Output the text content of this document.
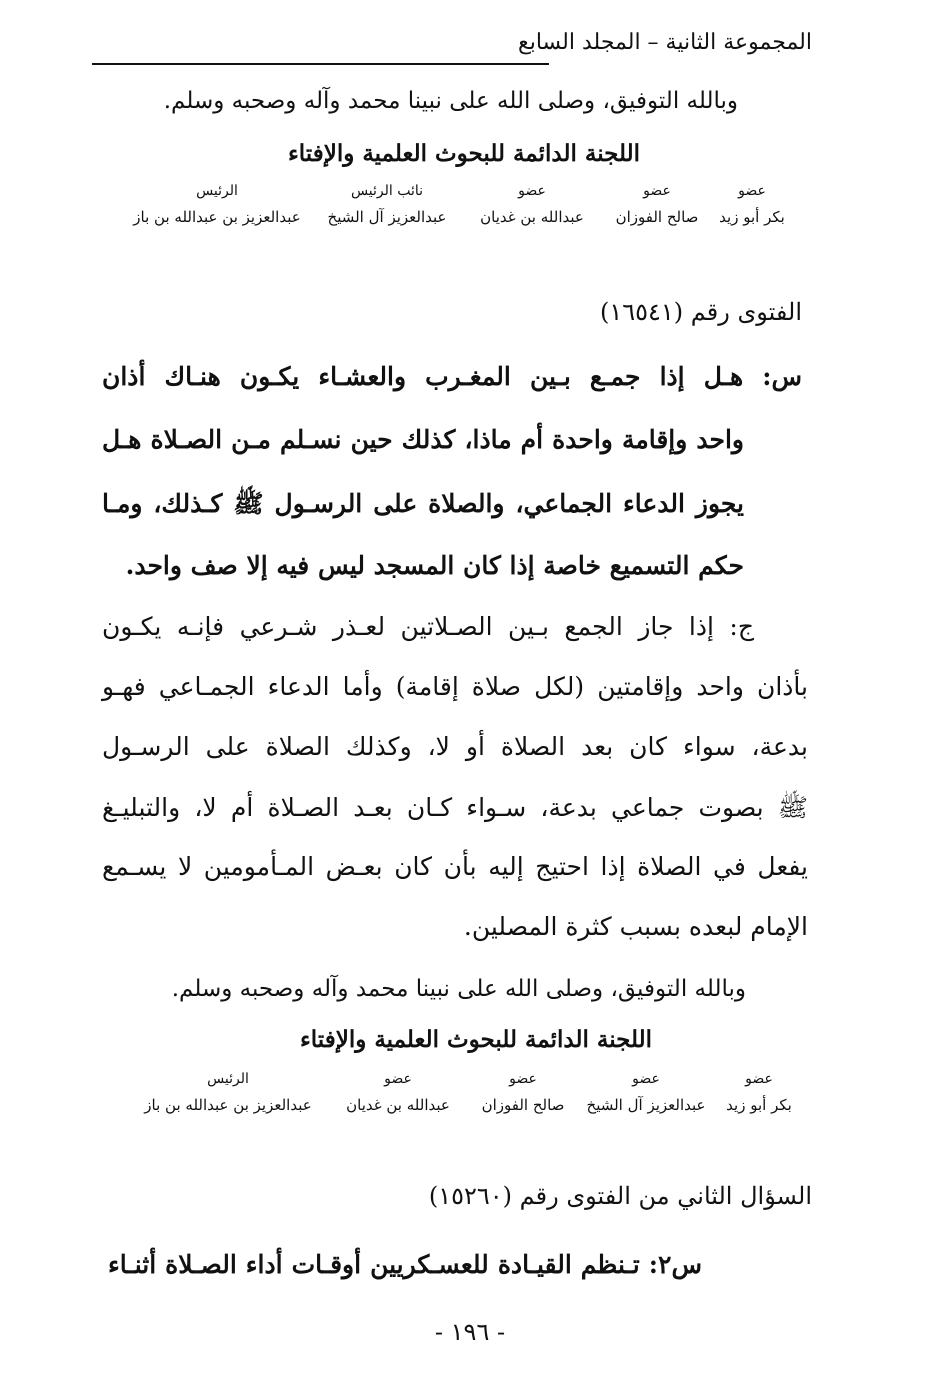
المجموعة الثانية – المجلد السابع
وبالله التوفيق، وصلى الله على نبينا محمد وآله وصحبه وسلم.
اللجنة الدائمة للبحوث العلمية والإفتاء
عضو
بكر أبو زيد
عضو
صالح الفوزان
عضو
عبدالله بن غديان
نائب الرئيس
عبدالعزيز آل الشيخ
الرئيس
عبدالعزيز بن عبدالله بن باز
الفتوى رقم (١٦٥٤١)
س: هـل إذا جمـع بـين المغـرب والعشـاء يكـون هنـاك أذان
واحد وإقامة واحدة أم ماذا، كذلك حين نسـلم مـن الصـلاة هـل
يجوز الدعاء الجماعي، والصلاة على الرسـول ﷺ كـذلك، ومـا
حكم التسميع خاصة إذا كان المسجد ليس فيه إلا صف واحد.
ج: إذا جاز الجمع بـين الصـلاتين لعـذر شـرعي فإنـه يكـون
بأذان واحد وإقامتين (لكل صلاة إقامة) وأما الدعاء الجمـاعي فهـو
بدعة، سواء كان بعد الصلاة أو لا، وكذلك الصلاة على الرسـول
ﷺ بصوت جماعي بدعة، سـواء كـان بعـد الصـلاة أم لا، والتبليـغ
يفعل في الصلاة إذا احتيج إليه بأن كان بعـض المـأمومين لا يسـمع
الإمام لبعده بسبب كثرة المصلين.
وبالله التوفيق، وصلى الله على نبينا محمد وآله وصحبه وسلم.
اللجنة الدائمة للبحوث العلمية والإفتاء
عضو
بكر أبو زيد
عضو
عبدالعزيز آل الشيخ
عضو
صالح الفوزان
عضو
عبدالله بن غديان
الرئيس
عبدالعزيز بن عبدالله بن باز
السؤال الثاني من الفتوى رقم (١٥٢٦٠)
س٢: تـنظم القيـادة للعسـكريين أوقـات أداء الصـلاة أثنـاء
- ١٩٦ -
